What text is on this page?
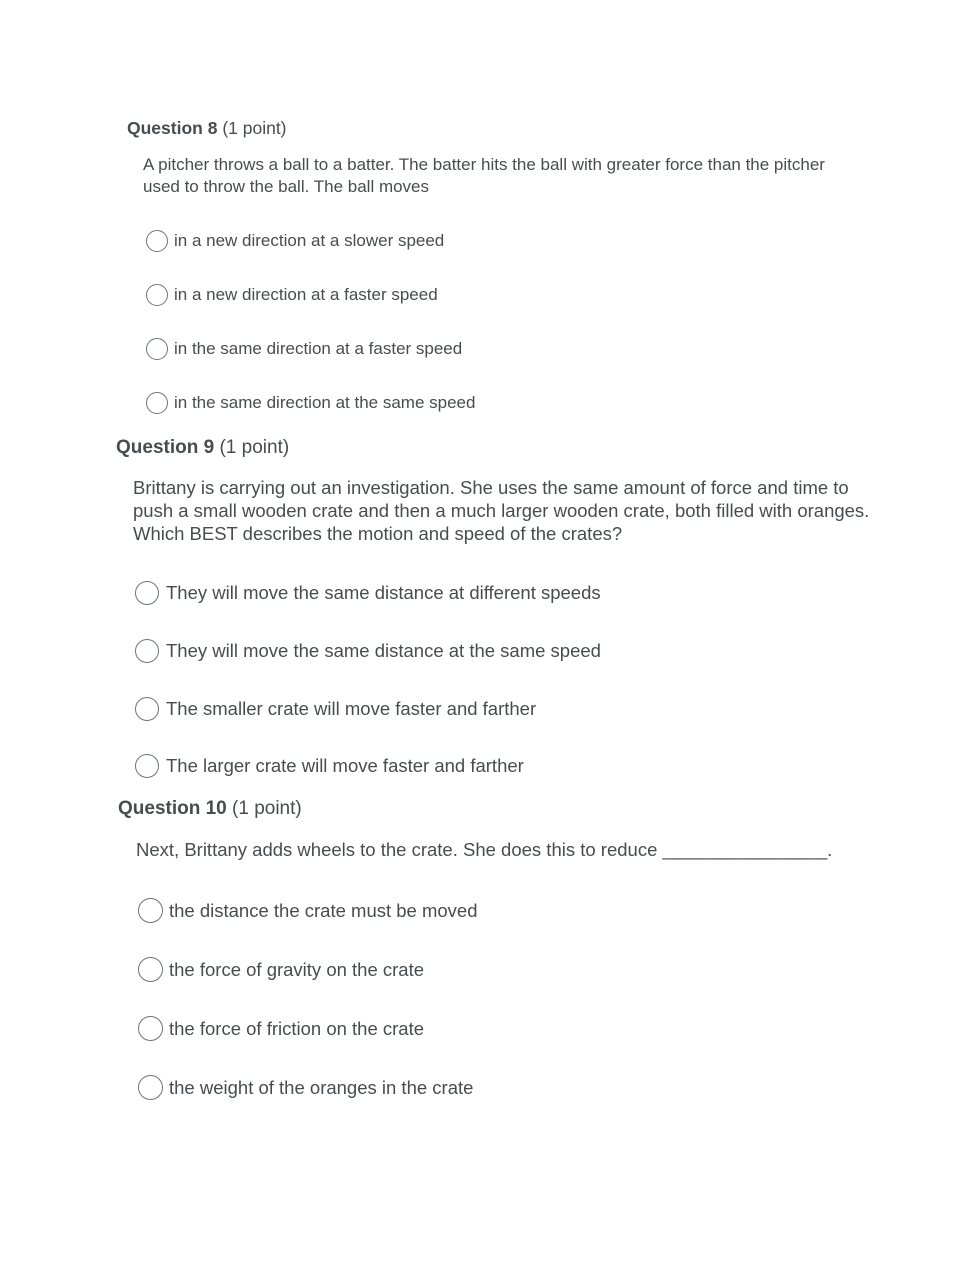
Question 8 (1 point)
A pitcher throws a ball to a batter. The batter hits the ball with greater force than the pitcher used to throw the ball. The ball moves
in a new direction at a slower speed
in a new direction at a faster speed
in the same direction at a faster speed
in the same direction at the same speed
Question 9 (1 point)
Brittany is carrying out an investigation. She uses the same amount of force and time to push a small wooden crate and then a much larger wooden crate, both filled with oranges. Which BEST describes the motion and speed of the crates?
They will move the same distance at different speeds
They will move the same distance at the same speed
The smaller crate will move faster and farther
The larger crate will move faster and farther
Question 10 (1 point)
Next, Brittany adds wheels to the crate. She does this to reduce ________________.
the distance the crate must be moved
the force of gravity on the crate
the force of friction on the crate
the weight of the oranges in the crate
